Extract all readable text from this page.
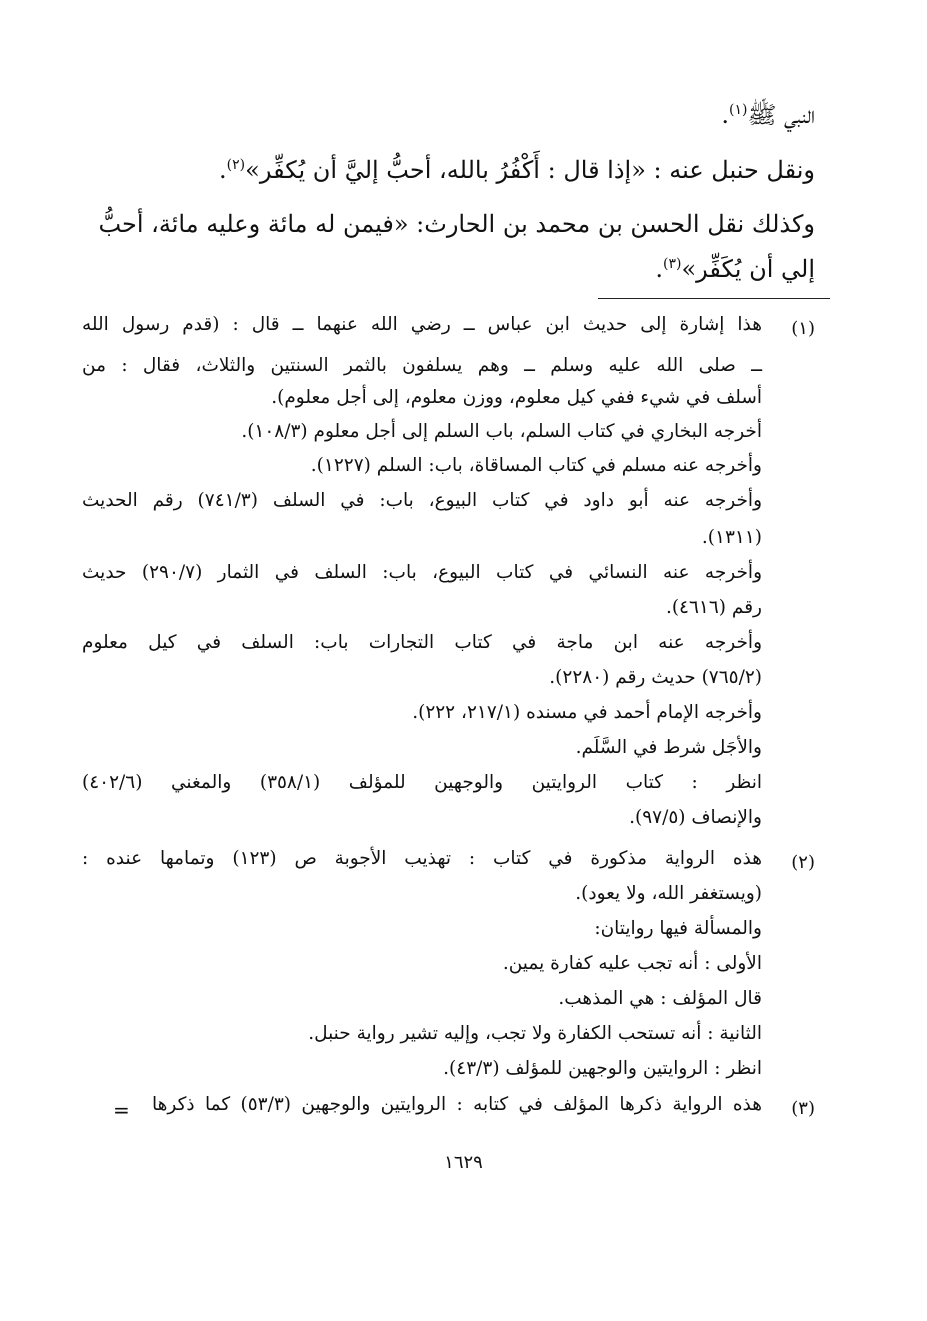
النبي ﷺ$^{(١)}$.

ونقل حنبل عنه : «إذا قال : أَكْفُرُ بالله، أحبُّ إليَّ أن يُكفِّر»$^{(٢)}$.

وكذلك نقل الحسن بن محمد بن الحارث: «فيمن له مائة وعليه مائة، أحبُّ

إلي أن يُكَفِّر»$^{(٣)}$.

(١)
(٢)
(٣)
هذا إشارة إلى حديث ابن عباس ــ رضي الله عنهما ــ قال : (قدم رسول الله
ــ صلى الله عليه وسلم ــ وهم يسلفون بالثمر السنتين والثلاث، فقال : من
أسلف في شيء ففي كيل معلوم، ووزن معلوم، إلى أجل معلوم).
أخرجه البخاري في كتاب السلم، باب السلم إلى أجل معلوم (١٠٨/٣).
وأخرجه عنه مسلم في كتاب المساقاة، باب: السلم (١٢٢٧).
وأخرجه عنه أبو داود في كتاب البيوع، باب: في السلف (٧٤١/٣) رقم الحديث
(١٣١١).
وأخرجه عنه النسائي في كتاب البيوع، باب: السلف في الثمار (٢٩٠/٧) حديث
رقم (٤٦١٦).
وأخرجه عنه ابن ماجة في كتاب التجارات باب: السلف في كيل معلوم
(٧٦٥/٢) حديث رقم (٢٢٨٠).
وأخرجه الإمام أحمد في مسنده (٢١٧/١، ٢٢٢).
والأجَل شرط في السَّلَم.
انظر : كتاب الروايتين والوجهين للمؤلف (٣٥٨/١) والمغني (٤٠٢/٦)
والإنصاف (٩٧/٥).
هذه الرواية مذكورة في كتاب : تهذيب الأجوبة ص (١٢٣) وتمامها عنده :
(ويستغفر الله، ولا يعود).
والمسألة فيها روايتان:
الأولى : أنه تجب عليه كفارة يمين.
قال المؤلف : هي المذهب.
الثانية : أنه تستحب الكفارة ولا تجب، وإليه تشير رواية حنبل.
انظر : الروايتين والوجهين للمؤلف (٤٣/٣).
هذه الرواية ذكرها المؤلف في كتابه : الروايتين والوجهين (٥٣/٣) كما ذكرها
=
١٦٢٩
